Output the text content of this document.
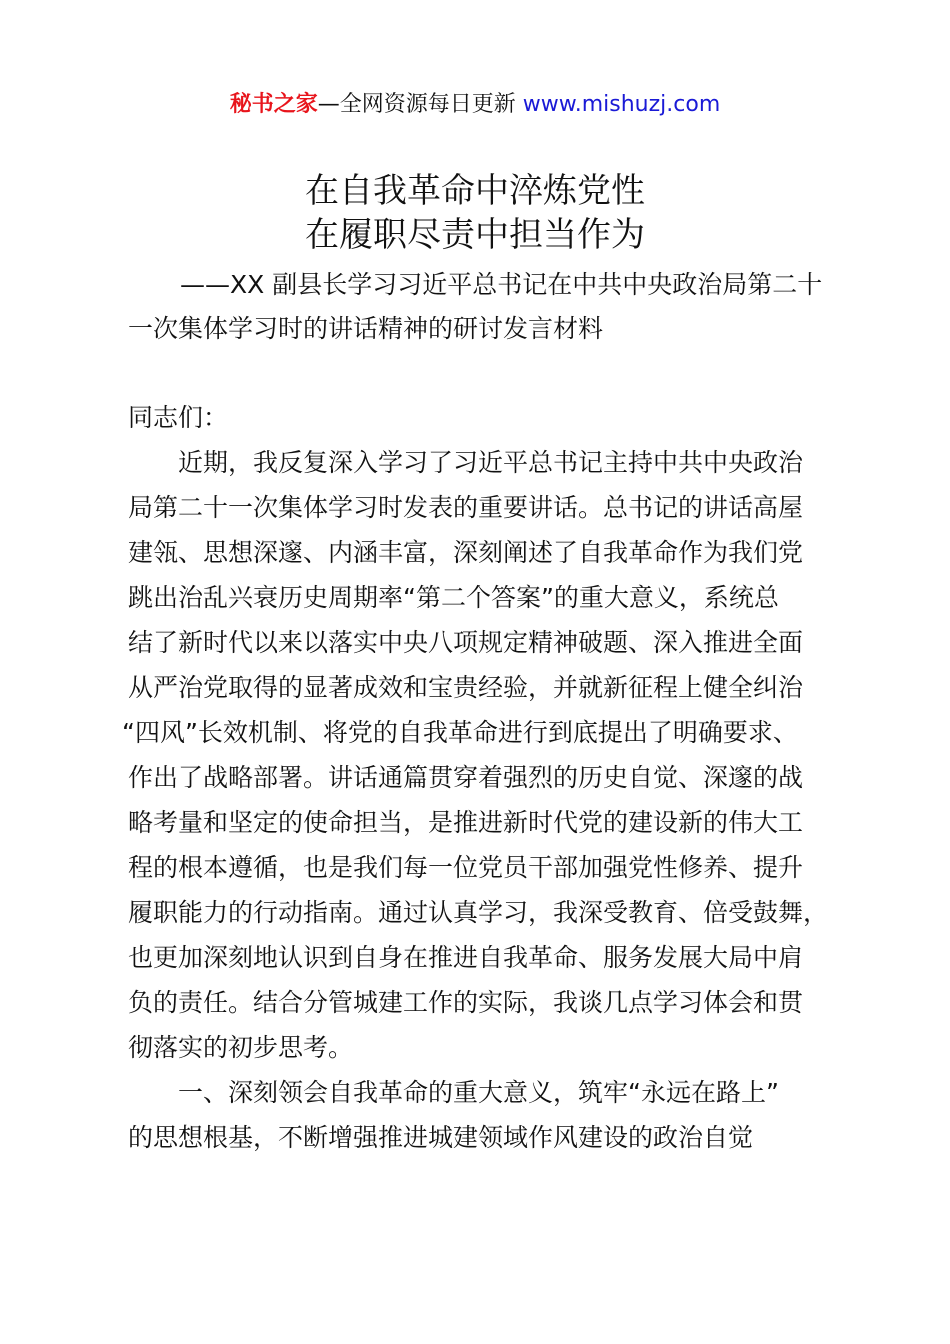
秘书之家—全网资源每日更新 www.mishuzj.com
在自我革命中淬炼党性
在履职尽责中担当作为
——XX 副县长学习习近平总书记在中共中央政治局第二十
一次集体学习时的讲话精神的研讨发言材料
同志们：
近期，我反复深入学习了习近平总书记主持中共中央政治
局第二十一次集体学习时发表的重要讲话。总书记的讲话高屋
建瓴、思想深邃、内涵丰富，深刻阐述了自我革命作为我们党
跳出治乱兴衰历史周期率“第二个答案”的重大意义，系统总
结了新时代以来以落实中央八项规定精神破题、深入推进全面
从严治党取得的显著成效和宝贵经验，并就新征程上健全纠治
“四风”长效机制、将党的自我革命进行到底提出了明确要求、
作出了战略部署。讲话通篇贯穿着强烈的历史自觉、深邃的战
略考量和坚定的使命担当，是推进新时代党的建设新的伟大工
程的根本遵循，也是我们每一位党员干部加强党性修养、提升
履职能力的行动指南。通过认真学习，我深受教育、倍受鼓舞，
也更加深刻地认识到自身在推进自我革命、服务发展大局中肩
负的责任。结合分管城建工作的实际，我谈几点学习体会和贯
彻落实的初步思考。
一、深刻领会自我革命的重大意义，筑牢“永远在路上”
的思想根基，不断增强推进城建领域作风建设的政治自觉
